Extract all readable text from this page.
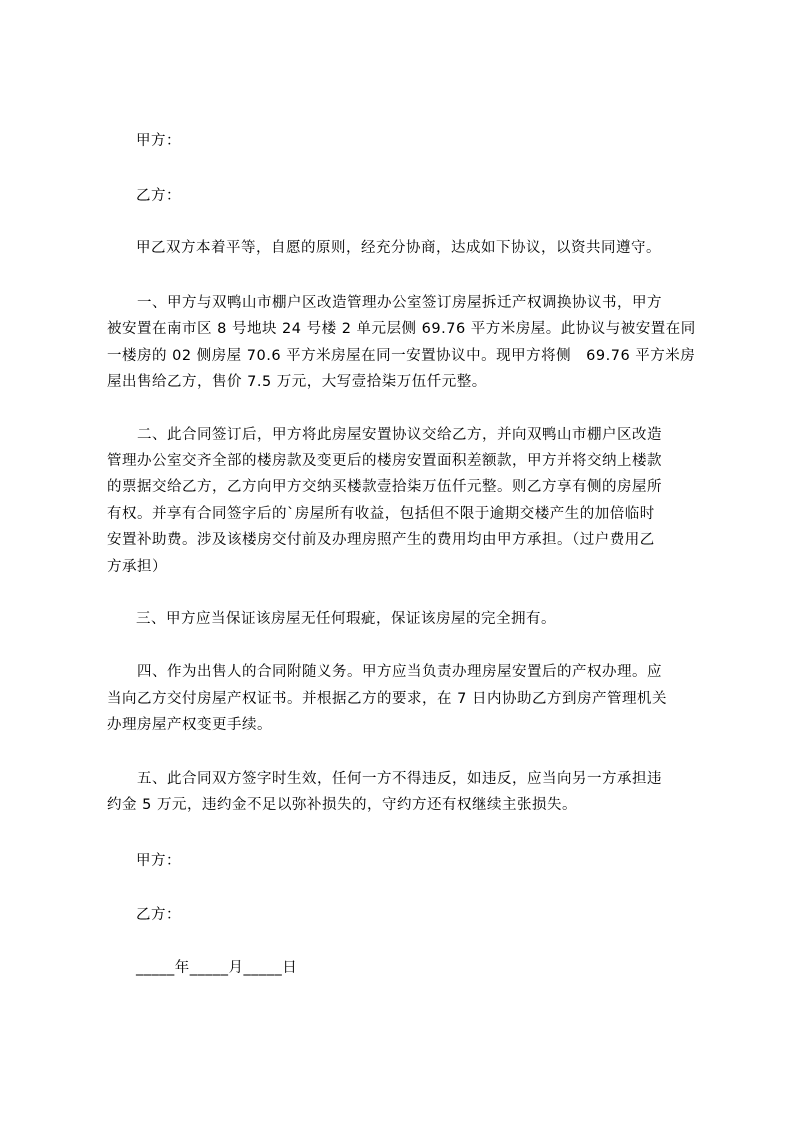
甲方：
乙方：
甲乙双方本着平等，自愿的原则，经充分协商，达成如下协议，以资共同遵守。
一、甲方与双鸭山市棚户区改造管理办公室签订房屋拆迁产权调换协议书，甲方
被安置在南市区 8 号地块 24 号楼 2 单元层侧 69.76 平方米房屋。此协议与被安置在同
一楼房的 02 侧房屋 70.6 平方米房屋在同一安置协议中。现甲方将侧　69.76 平方米房
屋出售给乙方，售价 7.5 万元，大写壹拾柒万伍仟元整。
二、此合同签订后，甲方将此房屋安置协议交给乙方，并向双鸭山市棚户区改造
管理办公室交齐全部的楼房款及变更后的楼房安置面积差额款，甲方并将交纳上楼款
的票据交给乙方，乙方向甲方交纳买楼款壹拾柒万伍仟元整。则乙方享有侧的房屋所
有权。并享有合同签字后的`房屋所有收益，包括但不限于逾期交楼产生的加倍临时
安置补助费。涉及该楼房交付前及办理房照产生的费用均由甲方承担。（过户费用乙
方承担）
三、甲方应当保证该房屋无任何瑕疵，保证该房屋的完全拥有。
四、作为出售人的合同附随义务。甲方应当负责办理房屋安置后的产权办理。应
当向乙方交付房屋产权证书。并根据乙方的要求，在 7 日内协助乙方到房产管理机关
办理房屋产权变更手续。
五、此合同双方签字时生效，任何一方不得违反，如违反，应当向另一方承担违
约金 5 万元，违约金不足以弥补损失的，守约方还有权继续主张损失。
甲方：
乙方：
_____年_____月_____日
